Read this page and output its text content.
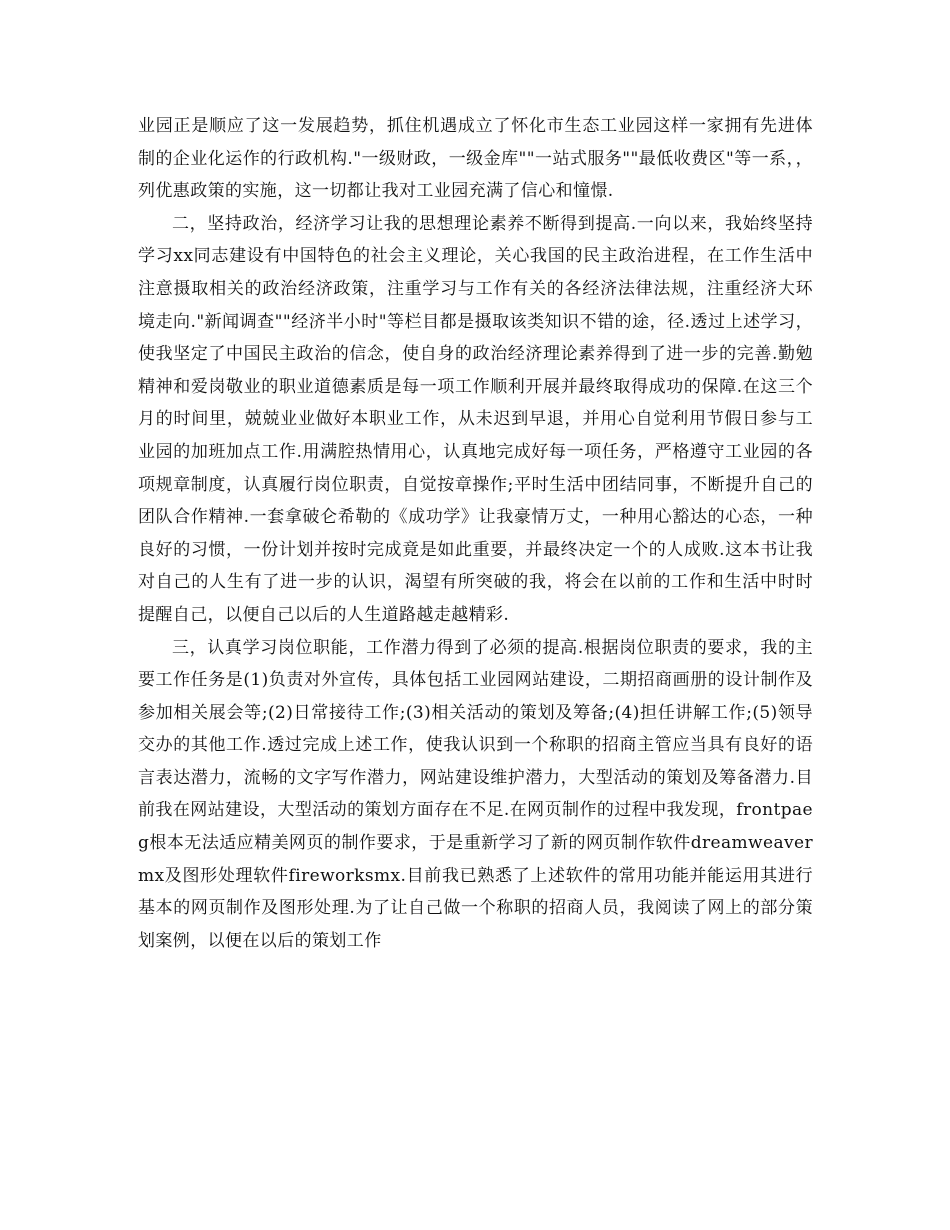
业园正是顺应了这一发展趋势，抓住机遇成立了怀化市生态工业园这样一家拥有先进体制的企业化运作的行政机构."一级财政，一级金库""一站式服务""最低收费区"等一系，，列优惠政策的实施，这一切都让我对工业园充满了信心和憧憬.

二，坚持政治，经济学习让我的思想理论素养不断得到提高.一向以来，我始终坚持学习xx同志建设有中国特色的社会主义理论，关心我国的民主政治进程，在工作生活中注意摄取相关的政治经济政策，注重学习与工作有关的各经济法律法规，注重经济大环境走向."新闻调查""经济半小时"等栏目都是摄取该类知识不错的途，径.透过上述学习，使我坚定了中国民主政治的信念，使自身的政治经济理论素养得到了进一步的完善.勤勉精神和爱岗敬业的职业道德素质是每一项工作顺利开展并最终取得成功的保障.在这三个月的时间里，兢兢业业做好本职业工作，从未迟到早退，并用心自觉利用节假日参与工业园的加班加点工作.用满腔热情用心，认真地完成好每一项任务，严格遵守工业园的各项规章制度，认真履行岗位职责，自觉按章操作;平时生活中团结同事，不断提升自己的团队合作精神.一套拿破仑希勒的《成功学》让我豪情万丈，一种用心豁达的心态，一种良好的习惯，一份计划并按时完成竟是如此重要，并最终决定一个的人成败.这本书让我对自己的人生有了进一步的认识，渴望有所突破的我，将会在以前的工作和生活中时时提醒自己，以便自己以后的人生道路越走越精彩.

三，认真学习岗位职能，工作潜力得到了必须的提高.根据岗位职责的要求，我的主要工作任务是(1)负责对外宣传，具体包括工业园网站建设，二期招商画册的设计制作及参加相关展会等;(2)日常接待工作;(3)相关活动的策划及筹备;(4)担任讲解工作;(5)领导交办的其他工作.透过完成上述工作，使我认识到一个称职的招商主管应当具有良好的语言表达潜力，流畅的文字写作潜力，网站建设维护潜力，大型活动的策划及筹备潜力.目前我在网站建设，大型活动的策划方面存在不足.在网页制作的过程中我发现，frontpaeg根本无法适应精美网页的制作要求，于是重新学习了新的网页制作软件dreamweavermx及图形处理软件fireworksmx.目前我已熟悉了上述软件的常用功能并能运用其进行基本的网页制作及图形处理.为了让自己做一个称职的招商人员，我阅读了网上的部分策划案例，以便在以后的策划工作
